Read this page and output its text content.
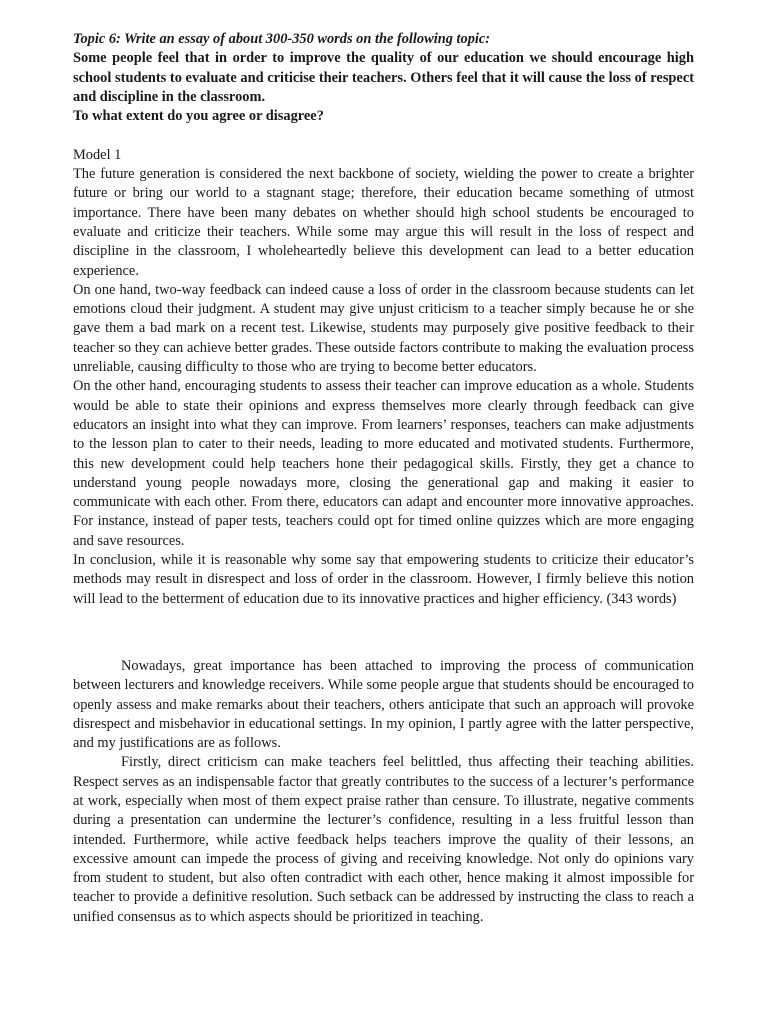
Topic 6: Write an essay of about 300-350 words on the following topic:

Some people feel that in order to improve the quality of our education we should encourage high school students to evaluate and criticise their teachers. Others feel that it will cause the loss of respect and discipline in the classroom.

To what extent do you agree or disagree?

Model 1

The future generation is considered the next backbone of society, wielding the power to create a brighter future or bring our world to a stagnant stage; therefore, their education became something of utmost importance. There have been many debates on whether should high school students be encouraged to evaluate and criticize their teachers. While some may argue this will result in the loss of respect and discipline in the classroom, I wholeheartedly believe this development can lead to a better education experience.

On one hand, two-way feedback can indeed cause a loss of order in the classroom because students can let emotions cloud their judgment. A student may give unjust criticism to a teacher simply because he or she gave them a bad mark on a recent test. Likewise, students may purposely give positive feedback to their teacher so they can achieve better grades. These outside factors contribute to making the evaluation process unreliable, causing difficulty to those who are trying to become better educators.

On the other hand, encouraging students to assess their teacher can improve education as a whole. Students would be able to state their opinions and express themselves more clearly through feedback can give educators an insight into what they can improve. From learners’ responses, teachers can make adjustments to the lesson plan to cater to their needs, leading to more educated and motivated students. Furthermore, this new development could help teachers hone their pedagogical skills. Firstly, they get a chance to understand young people nowadays more, closing the generational gap and making it easier to communicate with each other. From there, educators can adapt and encounter more innovative approaches. For instance, instead of paper tests, teachers could opt for timed online quizzes which are more engaging and save resources.

In conclusion, while it is reasonable why some say that empowering students to criticize their educator’s methods may result in disrespect and loss of order in the classroom. However, I firmly believe this notion will lead to the betterment of education due to its innovative practices and higher efficiency. (343 words)

Nowadays, great importance has been attached to improving the process of communication between lecturers and knowledge receivers. While some people argue that students should be encouraged to openly assess and make remarks about their teachers, others anticipate that such an approach will provoke disrespect and misbehavior in educational settings. In my opinion, I partly agree with the latter perspective, and my justifications are as follows.

Firstly, direct criticism can make teachers feel belittled, thus affecting their teaching abilities. Respect serves as an indispensable factor that greatly contributes to the success of a lecturer’s performance at work, especially when most of them expect praise rather than censure. To illustrate, negative comments during a presentation can undermine the lecturer’s confidence, resulting in a less fruitful lesson than intended. Furthermore, while active feedback helps teachers improve the quality of their lessons, an excessive amount can impede the process of giving and receiving knowledge. Not only do opinions vary from student to student, but also often contradict with each other, hence making it almost impossible for teacher to provide a definitive resolution. Such setback can be addressed by instructing the class to reach a unified consensus as to which aspects should be prioritized in teaching.
